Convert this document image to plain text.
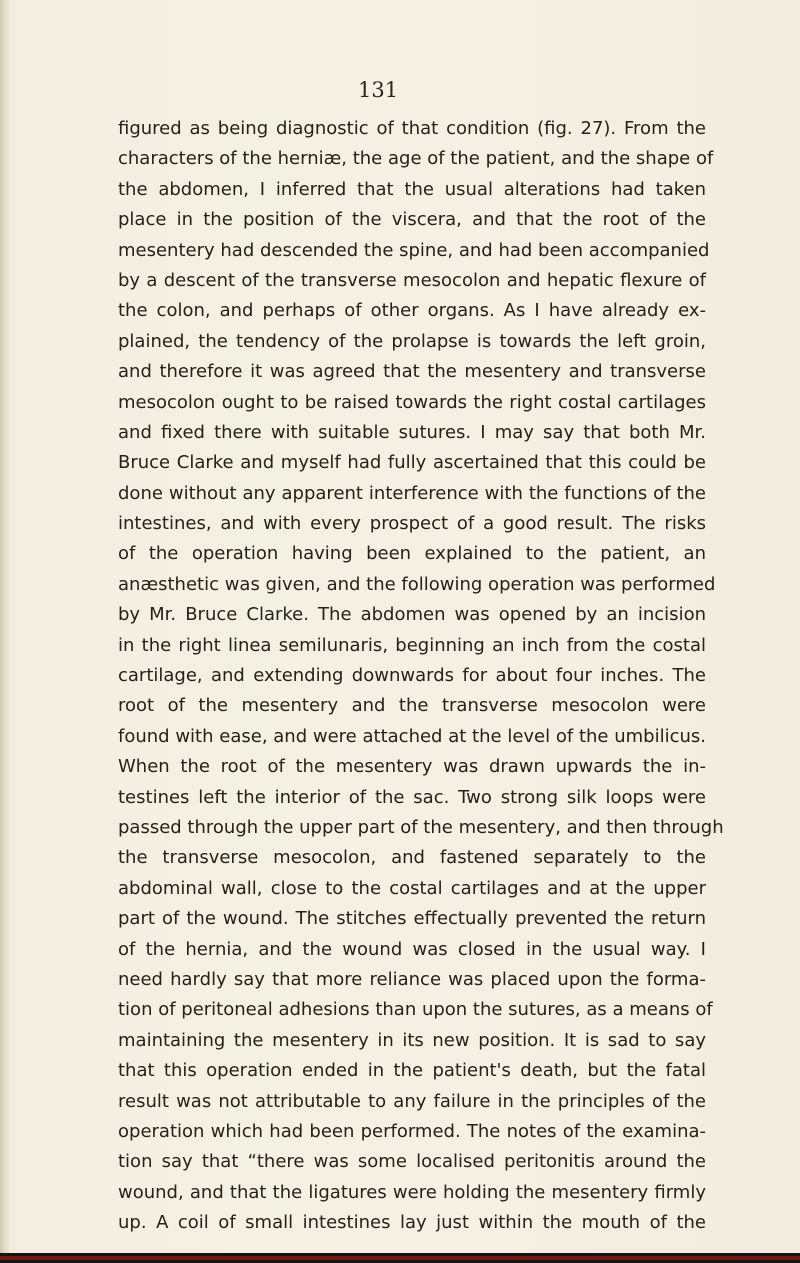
131
figured as being diagnostic of that condition (fig. 27). From the
characters of the herniæ, the age of the patient, and the shape of
the abdomen, I inferred that the usual alterations had taken
place in the position of the viscera, and that the root of the
mesentery had descended the spine, and had been accompanied
by a descent of the transverse mesocolon and hepatic flexure of
the colon, and perhaps of other organs. As I have already ex-
plained, the tendency of the prolapse is towards the left groin,
and therefore it was agreed that the mesentery and transverse
mesocolon ought to be raised towards the right costal cartilages
and fixed there with suitable sutures. I may say that both Mr.
Bruce Clarke and myself had fully ascertained that this could be
done without any apparent interference with the functions of the
intestines, and with every prospect of a good result. The risks
of the operation having been explained to the patient, an
anæsthetic was given, and the following operation was performed
by Mr. Bruce Clarke. The abdomen was opened by an incision
in the right linea semilunaris, beginning an inch from the costal
cartilage, and extending downwards for about four inches. The
root of the mesentery and the transverse mesocolon were
found with ease, and were attached at the level of the umbilicus.
When the root of the mesentery was drawn upwards the in-
testines left the interior of the sac. Two strong silk loops were
passed through the upper part of the mesentery, and then through
the transverse mesocolon, and fastened separately to the
abdominal wall, close to the costal cartilages and at the upper
part of the wound. The stitches effectually prevented the return
of the hernia, and the wound was closed in the usual way. I
need hardly say that more reliance was placed upon the forma-
tion of peritoneal adhesions than upon the sutures, as a means of
maintaining the mesentery in its new position. It is sad to say
that this operation ended in the patient's death, but the fatal
result was not attributable to any failure in the principles of the
operation which had been performed. The notes of the examina-
tion say that “there was some localised peritonitis around the
wound, and that the ligatures were holding the mesentery firmly
up. A coil of small intestines lay just within the mouth of the
